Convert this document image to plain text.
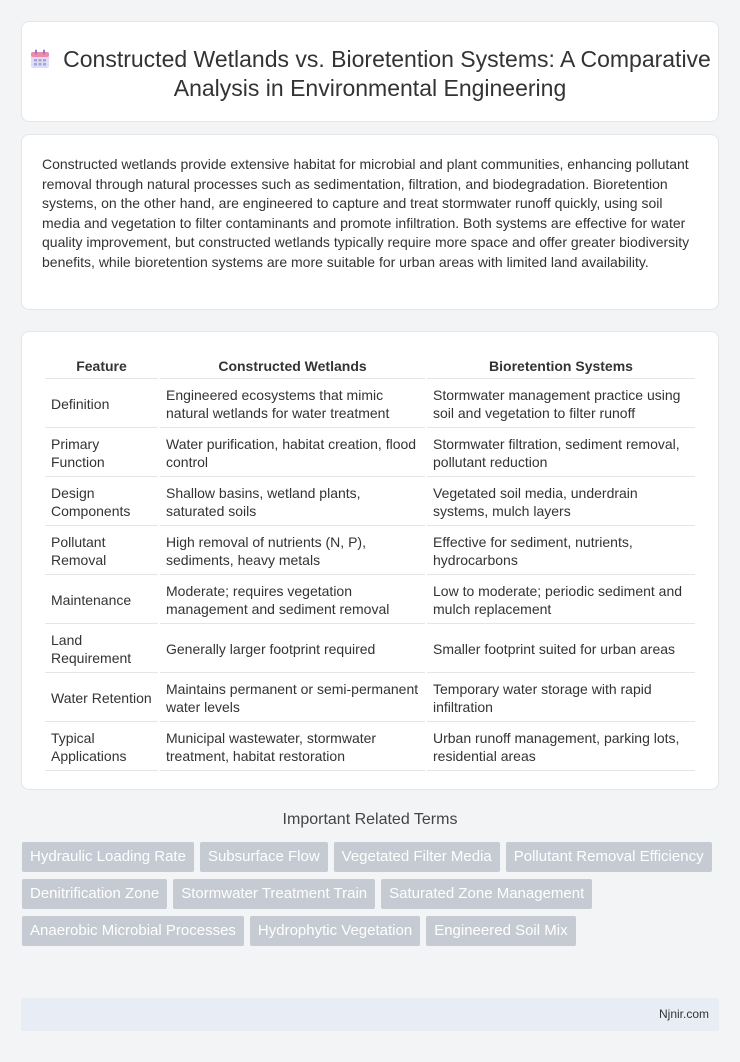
Constructed Wetlands vs. Bioretention Systems: A Comparative Analysis in Environmental Engineering

Constructed wetlands provide extensive habitat for microbial and plant communities, enhancing pollutant removal through natural processes such as sedimentation, filtration, and biodegradation. Bioretention systems, on the other hand, are engineered to capture and treat stormwater runoff quickly, using soil media and vegetation to filter contaminants and promote infiltration. Both systems are effective for water quality improvement, but constructed wetlands typically require more space and offer greater biodiversity benefits, while bioretention systems are more suitable for urban areas with limited land availability.

Feature	Constructed Wetlands	Bioretention Systems
Definition	Engineered ecosystems that mimic natural wetlands for water treatment	Stormwater management practice using soil and vegetation to filter runoff
Primary Function	Water purification, habitat creation, flood control	Stormwater filtration, sediment removal, pollutant reduction
Design Components	Shallow basins, wetland plants, saturated soils	Vegetated soil media, underdrain systems, mulch layers
Pollutant Removal	High removal of nutrients (N, P), sediments, heavy metals	Effective for sediment, nutrients, hydrocarbons
Maintenance	Moderate; requires vegetation management and sediment removal	Low to moderate; periodic sediment and mulch replacement
Land Requirement	Generally larger footprint required	Smaller footprint suited for urban areas
Water Retention	Maintains permanent or semi-permanent water levels	Temporary water storage with rapid infiltration
Typical Applications	Municipal wastewater, stormwater treatment, habitat restoration	Urban runoff management, parking lots, residential areas
Important Related Terms
Hydraulic Loading Rate	Subsurface Flow	Vegetated Filter Media	Pollutant Removal Efficiency
Denitrification Zone	Stormwater Treatment Train	Saturated Zone Management
Anaerobic Microbial Processes	Hydrophytic Vegetation	Engineered Soil Mix
Njnir.com
